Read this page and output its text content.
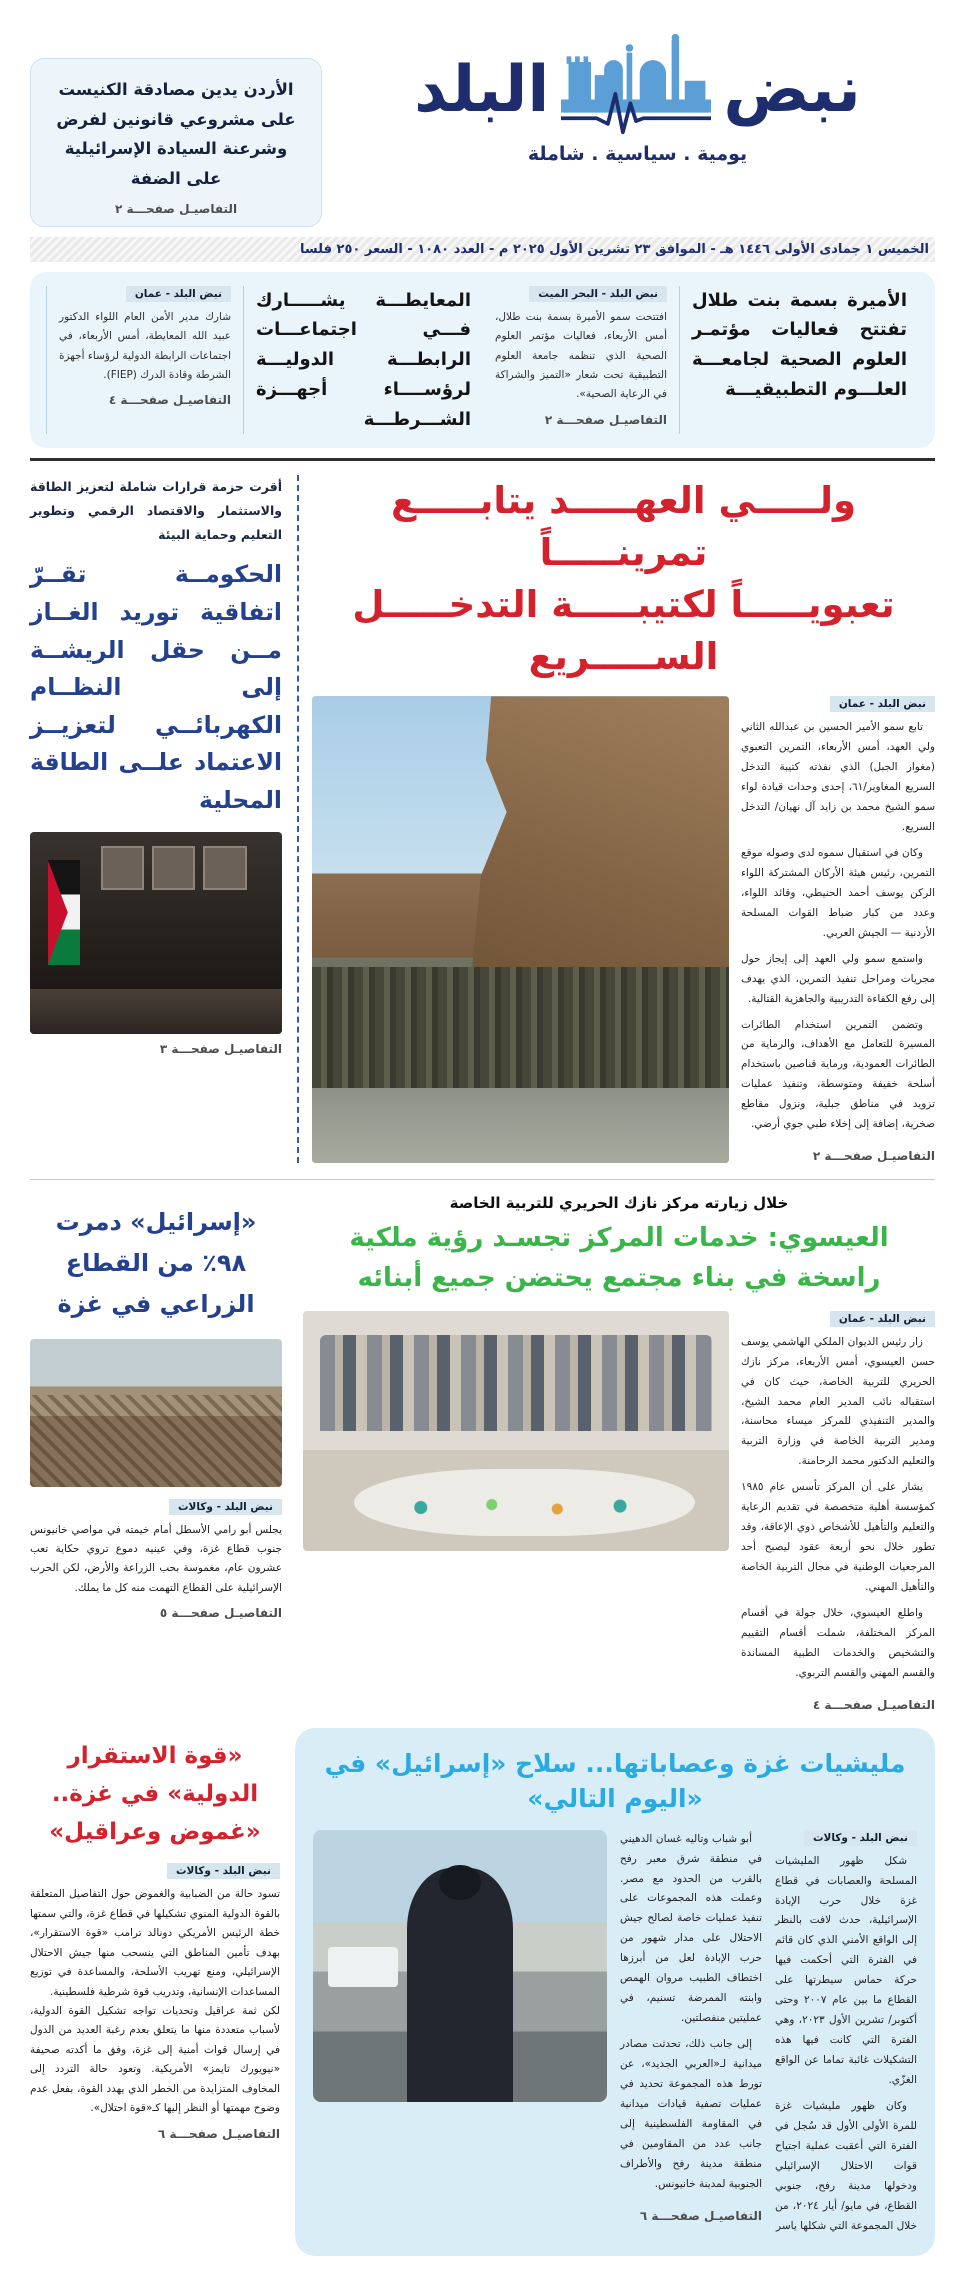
نبض
البلد
يومية . سياسية . شاملة
الأردن يدين مصادقة الكنيست على مشروعي قانونين لفرض وشرعنة السيادة الإسرائيلية على الضفة
التفاصيـل صفحـــة ٢
الخميس ١ جمادى الأولى ١٤٤٦ هـ - الموافق ٢٣ تشرين الأول ٢٠٢٥ م - العدد ١٠٨٠ - السعر ٢٥٠ فلسا
الأميرة بسمة بنت طلال تفتتح فعاليات مؤتمـر العلوم الصحية لجامعـــة العلـــوم التطبيقيـــة
نبض البلد - البحر الميت

افتتحت سمو الأميرة بسمة بنت طلال، أمس الأربعاء، فعاليات مؤتمر العلوم الصحية الذي تنظمه جامعة العلوم التطبيقية تحت شعار «التميز والشراكة في الرعاية الصحية».

التفاصيـل صفحـــة ٢
المعايطـــة يشـــــارك فـــي اجتماعـــات الرابطـــة الدوليـــة لرؤســــاء أجهـــزة الشـــرطـــة
نبض البلد - عمان

شارك مدير الأمن العام اللواء الدكتور عبيد الله المعايطة، أمس الأربعاء، في اجتماعات الرابطة الدولية لرؤساء أجهزة الشرطة وقادة الدرك (FIEP).

التفاصيـل صفحـــة ٤
ولـــــي العهـــــد يتابـــــع تمرينـــــاً
تعبويـــــاً لكتيبـــــة التدخـــــل الســـــريع
نبض البلد - عمان

تابع سمو الأمير الحسين بن عبدالله الثاني ولي العهد، أمس الأربعاء، التمرين التعبوي (مغوار الجبل) الذي نفذته كتيبة التدخل السريع المغاوير/٦١، إحدى وحدات قيادة لواء سمو الشيخ محمد بن زايد آل نهيان/ التدخل السريع.

وكان في استقبال سموه لدى وصوله موقع التمرين، رئيس هيئة الأركان المشتركة اللواء الركن يوسف أحمد الحنيطي، وقائد اللواء، وعدد من كبار ضباط القوات المسلحة الأردنية — الجيش العربي.

واستمع سمو ولي العهد إلى إيجاز حول مجريات ومراحل تنفيذ التمرين، الذي يهدف إلى رفع الكفاءة التدريبية والجاهزية القتالية.

وتضمن التمرين استخدام الطائرات المسيرة للتعامل مع الأهداف، والرماية من الطائرات العمودية، ورماية قناصين باستخدام أسلحة خفيفة ومتوسطة، وتنفيذ عمليات تزويد في مناطق جبلية، ونزول مقاطع صخرية، إضافة إلى إخلاء طبي جوي أرضي.

التفاصيـل صفحـــة ٢
أقرت حزمة قرارات شاملة لتعزيز الطاقة والاستثمار والاقتصاد الرقمي وتطوير التعليم وحماية البيئة
الحكومــة تقــرّ اتفاقية توريد الغــاز مــن حقل الريشــة إلى النظــام الكهربائــي لتعزيــز الاعتماد علــى الطاقة المحلية
التفاصيـل صفحـــة ٣
خلال زيارته مركز نازك الحريري للتربية الخاصة
العيسوي: خدمات المركز تجسـد رؤية ملكية راسخة في بناء مجتمع يحتضن جميع أبنائه
نبض البلد - عمان

زار رئيس الديوان الملكي الهاشمي يوسف حسن العيسوي، أمس الأربعاء، مركز نازك الحريري للتربية الخاصة، حيث كان في استقباله نائب المدير العام محمد الشيخ، والمدير التنفيذي للمركز ميساء محاسنة، ومدير التربية الخاصة في وزارة التربية والتعليم الدكتور محمد الرحامنة.

يشار على أن المركز تأسس عام ١٩٨٥ كمؤسسة أهلية متخصصة في تقديم الرعاية والتعليم والتأهيل للأشخاص ذوي الإعاقة، وقد تطور خلال نحو أربعة عقود ليصبح أحد المرجعيات الوطنية في مجال التربية الخاصة والتأهيل المهني.

واطلع العيسوي، خلال جولة في أقسام المركز المختلفة، شملت أقسام التقييم والتشخيص والخدمات الطبية المساندة والقسم المهني والقسم التربوي.

التفاصيـل صفحـــة ٤
«إسرائيل» دمرت ٩٨٪ من القطاع الزراعي في غزة
نبض البلد - وكالات

يجلس أبو رامي الأسطل أمام خيمته في مواصي خانيونس جنوب قطاع غزة، وفي عينيه دموع تروي حكاية تعب عشرون عام، مغموسة بحب الزراعة والأرض، لكن الحرب الإسرائيلية على القطاع التهمت منه كل ما يملك.

التفاصيـل صفحـــة ٥
مليشيات غزة وعصاباتها... سلاح «إسرائيل» في «اليوم التالي»
نبض البلد - وكالات

شكل ظهور المليشيات المسلحة والعصابات في قطاع غزة خلال حرب الإبادة الإسرائيلية، حدث لافت بالنظر إلى الواقع الأمني الذي كان قائم في الفترة التي أحكمت فيها حركة حماس سيطرتها على القطاع ما بين عام ٢٠٠٧ وحتى أكتوبر/ تشرين الأول ٢٠٢٣، وهي الفترة التي كانت فيها هذه التشكيلات غائبة تماما عن الواقع الغزّي.

وكان ظهور مليشيات غزة للمرة الأولى الأول قد سُجل في الفترة التي أعقبت عملية اجتياح قوات الاحتلال الإسرائيلي ودخولها مدينة رفح، جنوبي القطاع، في مايو/ أيار ٢٠٢٤، من خلال المجموعة التي شكلها ياسر

أبو شباب وتاليه غسان الدهيني في منطقة شرق معبر رفح بالقرب من الحدود مع مصر. وعملت هذه المجموعات على تنفيذ عمليات خاصة لصالح جيش الاحتلال على مدار شهور من حرب الإبادة لعل من أبرزها اختطاف الطبيب مروان الهمص وابنته الممرضة تسنيم، في عمليتين منفصلتين.

إلى جانب ذلك، تحدثت مصادر ميدانية لـ«العربي الجديد»، عن تورط هذه المجموعة تحديد في عمليات تصفية قيادات ميدانية في المقاومة الفلسطينية إلى جانب عدد من المقاومين في منطقة مدينة رفح والأطراف الجنوبية لمدينة خانيونس.

التفاصيـل صفحـــة ٦
«قوة الاستقرار الدولية» في غزة.. «غموض وعراقيل»
نبض البلد - وكالات

تسود حالة من الضبابية والغموض حول التفاصيل المتعلقة بالقوة الدولية المنوي تشكيلها في قطاع غزة، والتي سمتها خطة الرئيس الأمريكي دونالد ترامب «قوة الاستقرار»، بهدف تأمين المناطق التي ينسحب منها جيش الاحتلال الإسرائيلي، ومنع تهريب الأسلحة، والمساعدة في توزيع المساعدات الإنسانية، وتدريب قوة شرطية فلسطينية.

لكن ثمة عراقيل وتحديات تواجه تشكيل القوة الدولية، لأسباب متعددة منها ما يتعلق بعدم رغبة العديد من الدول في إرسال قوات أمنية إلى غزة، وفق ما أكدته صحيفة «نيويورك تايمز» الأمريكية. وتعود حالة التردد إلى المخاوف المتزايدة من الخطر الذي يهدد القوة، بفعل عدم وضوح مهمتها أو النظر إليها كـ«قوة احتلال».

التفاصيـل صفحـــة ٦
